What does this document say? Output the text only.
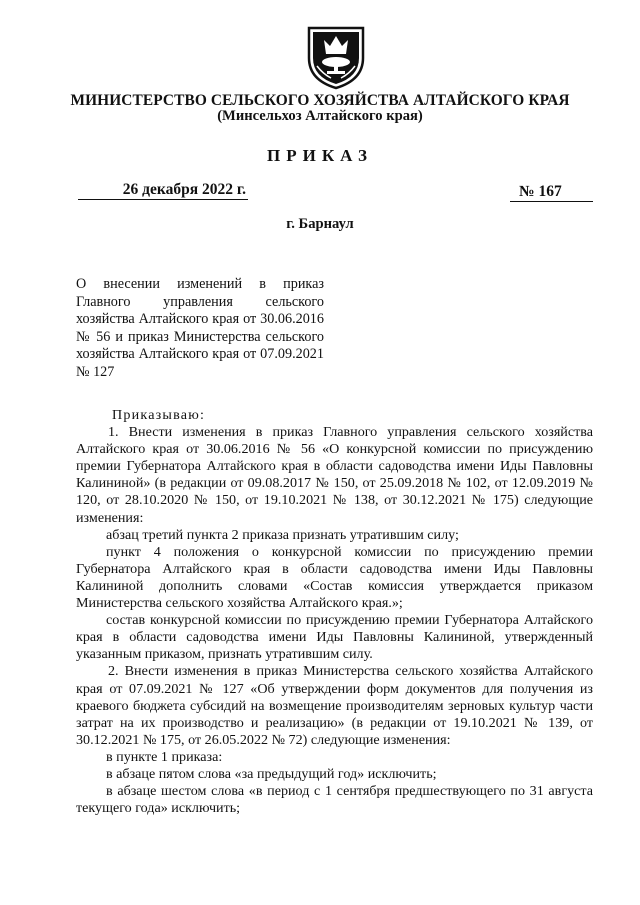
МИНИСТЕРСТВО СЕЛЬСКОГО ХОЗЯЙСТВА АЛТАЙСКОГО КРАЯ
(Минсельхоз Алтайского края)
ПРИКАЗ
26 декабря 2022 г.	№ 167
г. Барнаул
О внесении изменений в приказ Главного управления сельского хозяйства Алтайского края от 30.06.2016 № 56 и приказ Министерства сельского хозяйства Алтайского края от 07.09.2021 № 127

Приказываю:

1. Внести изменения в приказ Главного управления сельского хозяйства Алтайского края от 30.06.2016 № 56 «О конкурсной комиссии по присуждению премии Губернатора Алтайского края в области садоводства имени Иды Павловны Калининой» (в редакции от 09.08.2017 № 150, от 25.09.2018 № 102, от 12.09.2019 № 120, от 28.10.2020 № 150, от 19.10.2021 № 138, от 30.12.2021 № 175) следующие изменения:

абзац третий пункта 2 приказа признать утратившим силу;

пункт 4 положения о конкурсной комиссии по присуждению премии Губернатора Алтайского края в области садоводства имени Иды Павловны Калининой дополнить словами «Состав комиссия утверждается приказом Министерства сельского хозяйства Алтайского края.»;

состав конкурсной комиссии по присуждению премии Губернатора Алтайского края в области садоводства имени Иды Павловны Калининой, утвержденный указанным приказом, признать утратившим силу.

2. Внести изменения в приказ Министерства сельского хозяйства Алтайского края от 07.09.2021 № 127 «Об утверждении форм документов для получения из краевого бюджета субсидий на возмещение производителям зерновых культур части затрат на их производство и реализацию» (в редакции от 19.10.2021 № 139, от 30.12.2021 № 175, от 26.05.2022 № 72) следующие изменения:

в пункте 1 приказа:

в абзаце пятом слова «за предыдущий год» исключить;

в абзаце шестом слова «в период с 1 сентября предшествующего по 31 августа текущего года» исключить;
